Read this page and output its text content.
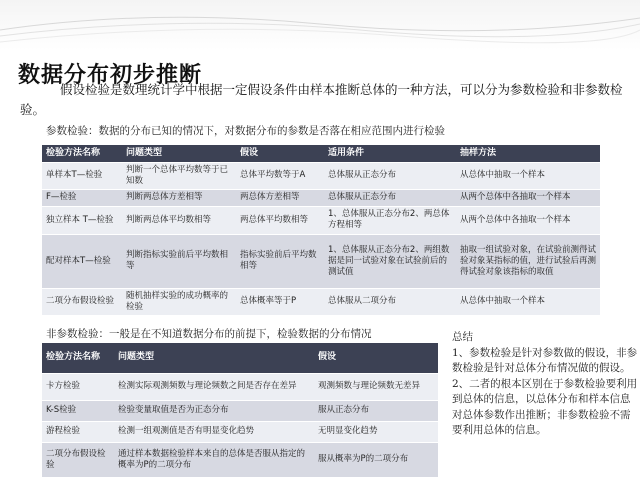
数据分布初步推断

假设检验是数理统计学中根据一定假设条件由样本推断总体的一种方法，可以分为参数检验和非参数检验。

参数检验：数据的分布已知的情况下，对数据分布的参数是否落在相应范围内进行检验
检验方法名称	问题类型	假设	适用条件	抽样方法
单样本T—检验	判断一个总体平均数等于已知数	总体平均数等于A	总体服从正态分布	从总体中抽取一个样本
F—检验	判断两总体方差相等	两总体方差相等	总体服从正态分布	从两个总体中各抽取一个样本
独立样本 T—检验	判断两总体平均数相等	两总体平均数相等	1、总体服从正态分布2、两总体方程相等	从两个总体中各抽取一个样本
配对样本T—检验	判断指标实验前后平均数相等	指标实验前后平均数相等	1、总体服从正态分布2、两组数据是同一试验对象在试验前后的测试值	抽取一组试验对象，在试验前测得试验对象某指标的值，进行试验后再测得试验对象该指标的取值
二项分布假设检验	随机抽样实验的成功概率的检验	总体概率等于P	总体服从二项分布	从总体中抽取一个样本
非参数检验：一般是在不知道数据分布的前提下，检验数据的分布情况
检验方法名称	问题类型	假设
卡方检验	检测实际观测频数与理论频数之间是否存在差异	观测频数与理论频数无差异
K-S检验	检验变量取值是否为正态分布	服从正态分布
游程检验	检测一组观测值是否有明显变化趋势	无明显变化趋势
二项分布假设检验	通过样本数据检验样本来自的总体是否服从指定的概率为P的二项分布	服从概率为P的二项分布
总结
1、参数检验是针对参数做的假设，非参数检验是针对总体分布情况做的假设。
2、二者的根本区别在于参数检验要利用到总体的信息，以总体分布和样本信息对总体参数作出推断；非参数检验不需要利用总体的信息。
